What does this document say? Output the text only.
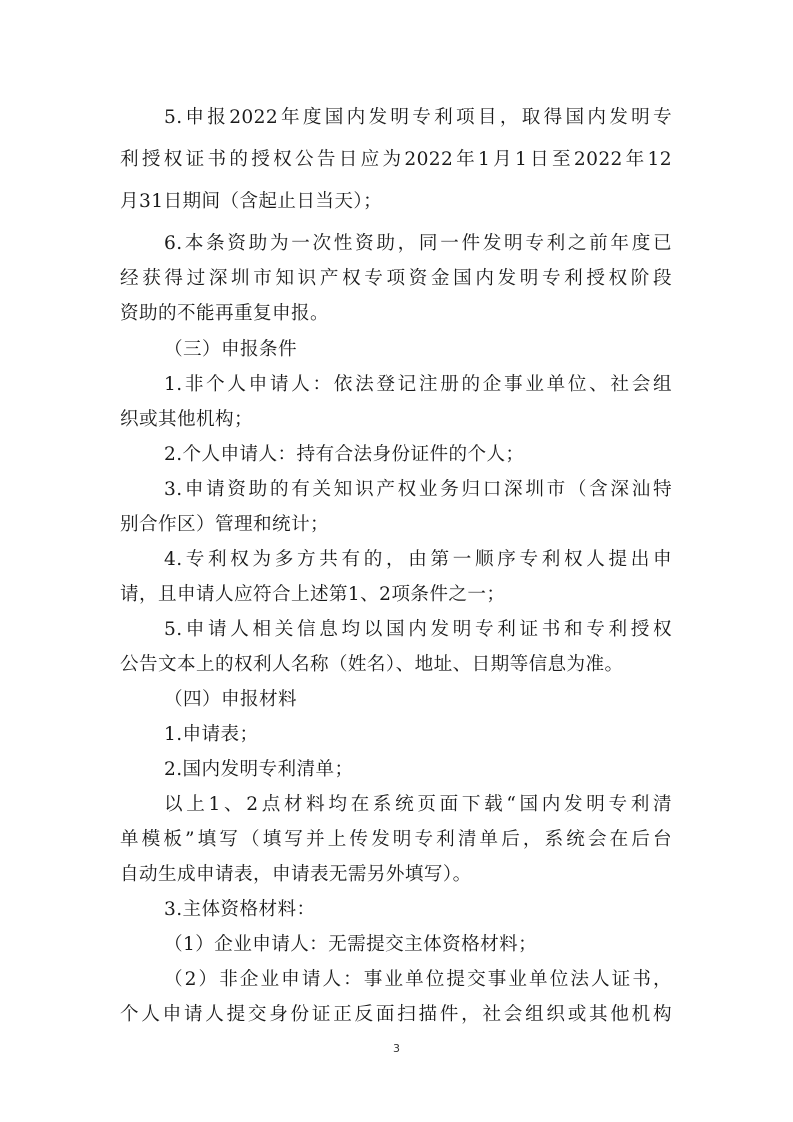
5.申报2022年度国内发明专利项目，取得国内发明专
利授权证书的授权公告日应为2022年1月1日至2022年12
月31日期间（含起止日当天）；
6.本条资助为一次性资助，同一件发明专利之前年度已
经获得过深圳市知识产权专项资金国内发明专利授权阶段
资助的不能再重复申报。
（三）申报条件
1.非个人申请人：依法登记注册的企事业单位、社会组
织或其他机构；
2.个人申请人：持有合法身份证件的个人；
3.申请资助的有关知识产权业务归口深圳市（含深汕特
别合作区）管理和统计；
4.专利权为多方共有的，由第一顺序专利权人提出申
请，且申请人应符合上述第1、2项条件之一；
5.申请人相关信息均以国内发明专利证书和专利授权
公告文本上的权利人名称（姓名）、地址、日期等信息为准。
（四）申报材料
1.申请表；
2.国内发明专利清单；
以上1、2点材料均在系统页面下载“国内发明专利清
单模板”填写（填写并上传发明专利清单后，系统会在后台
自动生成申请表，申请表无需另外填写）。
3.主体资格材料：
（1）企业申请人：无需提交主体资格材料；
（2）非企业申请人：事业单位提交事业单位法人证书，
个人申请人提交身份证正反面扫描件，社会组织或其他机构
3
